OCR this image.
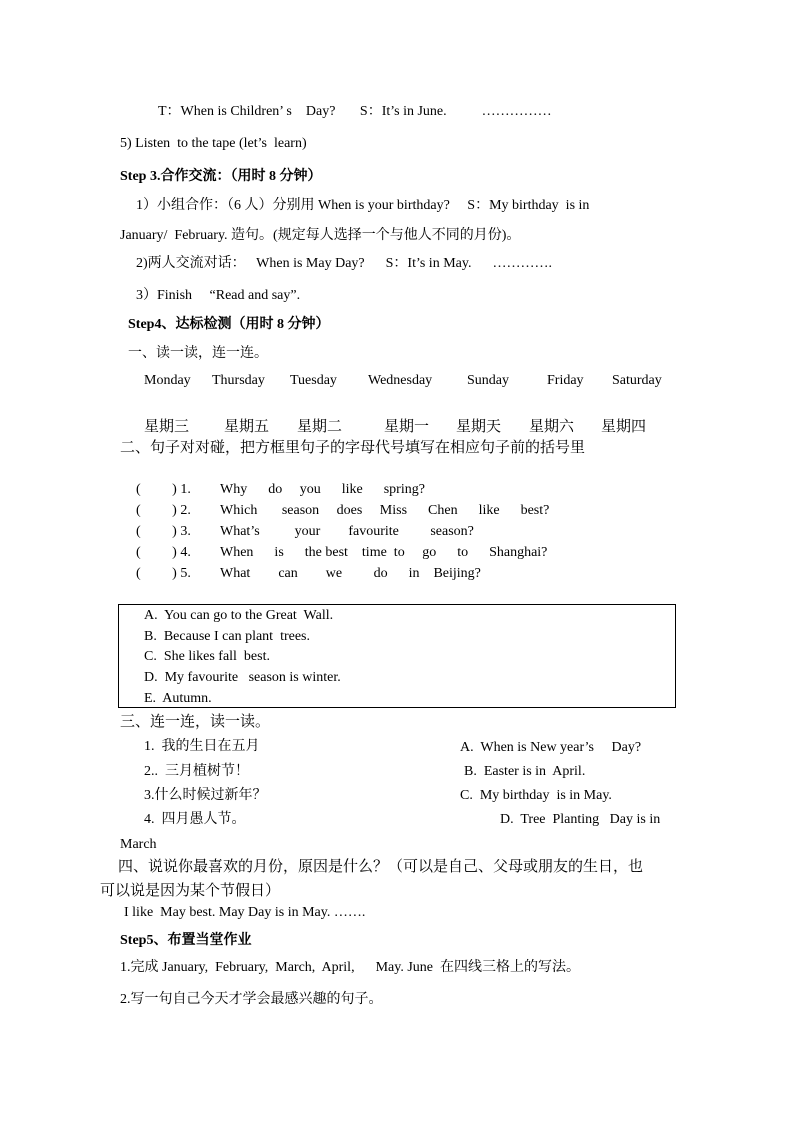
T：When is Children’ s    Day?       S：It’s in June.          ……………
5) Listen  to the tape (let’s  learn)
Step 3.合作交流：（用时 8 分钟）
1）小组合作：（6 人）分别用 When is your birthday?     S：My birthday  is in
January/  February. 造句。(规定每人选择一个与他人不同的月份)。
2)两人交流对话：   When is May Day?      S：It’s in May.      ………….
3）Finish     “Read and say”.
Step4、达标检测（用时 8 分钟）
一、读一读，连一连。
Monday Thursday Tuesday Wednesday Sunday	Friday Saturday
星期三 星期五 星期二	星期一 星期天 星期六 星期四
二、句子对对碰，把方框里句子的字母代号填写在相应句子前的括号里
(         ) 1. Why      do     you      like      spring?
(         ) 2. Which       season     does     Miss      Chen      like      best?
(         ) 3. What’s          your        favourite         season?
(         ) 4. When      is      the best    time  to     go      to      Shanghai?
(         ) 5. What        can        we         do      in    Beijing?
A.  You can go to the Great  Wall.
B.  Because I can plant  trees.
C.  She likes fall  best.
D.  My favourite   season is winter.
E.  Autumn.
三、连一连，读一读。
1.  我的生日在五月
2..  三月植树节！
3.什么时候过新年？
4.  四月愚人节。
A.  When is New year’s     Day?
B.  Easter is in  April.
C.  My birthday  is in May.
D.  Tree  Planting   Day is in
March
四、说说你最喜欢的月份，原因是什么？（可以是自己、父母或朋友的生日，也
可以说是因为某个节假日）
I like  May best. May Day is in May. …….
Step5、布置当堂作业
1.完成 January,  February,  March,  April,      May. June  在四线三格上的写法。
2.写一句自己今天才学会最感兴趣的句子。
